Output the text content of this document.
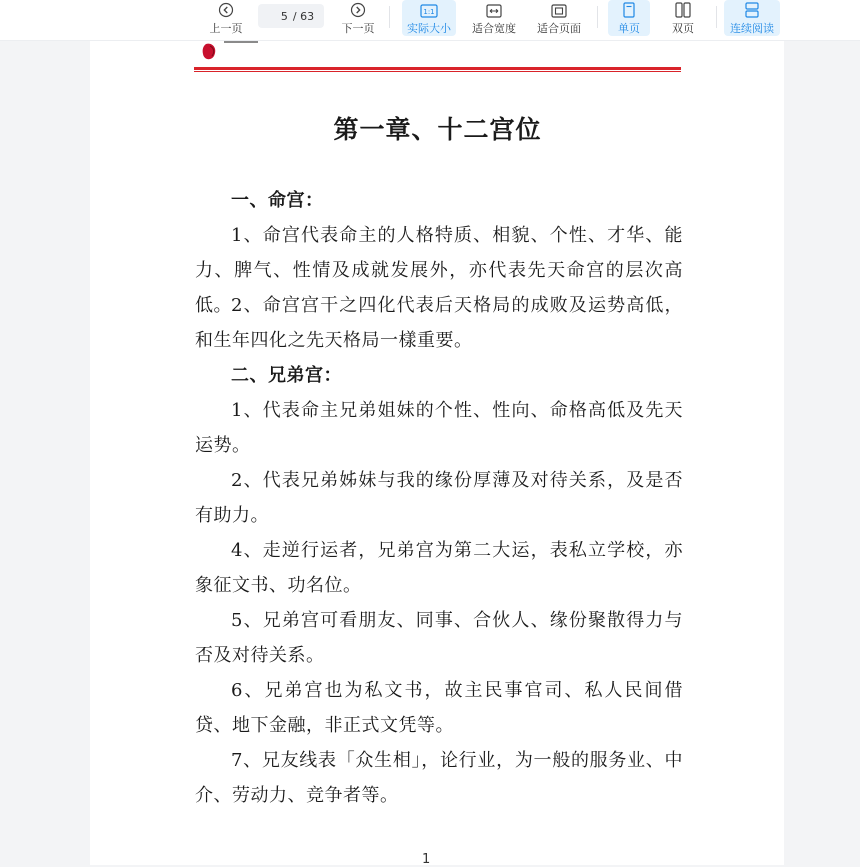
上一页
5 / 63
下一页
1:1
实际大小 适合宽度 适合页面	单页	双页	连续阅读
第一章、十二宫位
一、命宫：
1、命宫代表命主的人格特质、相貌、个性、才华、能力、脾气、性情及成就发展外，亦代表先天命宫的层次高低。 2、命宫宫干之四化代表后天格局的成败及运势高低，和生年四化之先天格局一樣重要。
二、兄弟宫：
1、代表命主兄弟姐妹的个性、性向、命格高低及先天运势。
2、代表兄弟姊妹与我的缘份厚薄及对待关系，及是否有助力。
4、走逆行运者，兄弟宫为第二大运，表私立学校，亦象征文书、功名位。
5、兄弟宫可看朋友、同事、合伙人、缘份聚散得力与否及对待关系。
6、兄弟宫也为私文书，故主民事官司、私人民间借贷、地下金融，非正式文凭等。
7、兄友线表「众生相」，论行业，为一般的服务业、中介、劳动力、竞争者等。
1
